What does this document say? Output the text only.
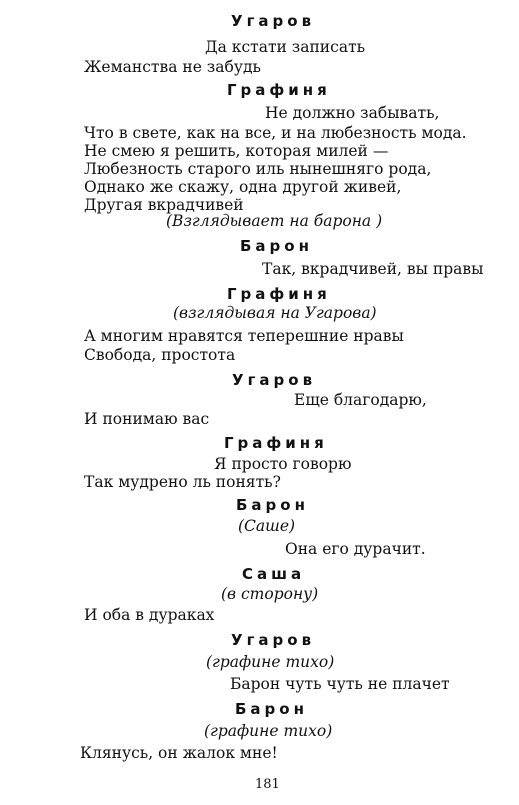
Угаров
Да кстати записать
Жеманства не забудь
Графиня
Не должно забывать,
Что в свете, как на все, и на любезность мода.
Не смею я решить, которая милей —
Любезность старого иль нынешняго рода,
Однако же скажу, одна другой живей,
Другая вкрадчивей
(Взглядывает на барона )
Барон
Так, вкрадчивей, вы правы
Графиня
(взглядывая на Угарова)
А многим нравятся теперешние нравы
Свобода, простота
Угаров
Еще благодарю,
И понимаю вас
Графиня
Я просто говорю
Так мудрено ль понять?
Барон
(Саше)
Она его дурачит.
Саша
(в сторону)
И оба в дураках
Угаров
(графине тихо)
Барон чуть чуть не плачет
Барон
(графине тихо)
Клянусь, он жалок мне!
181
